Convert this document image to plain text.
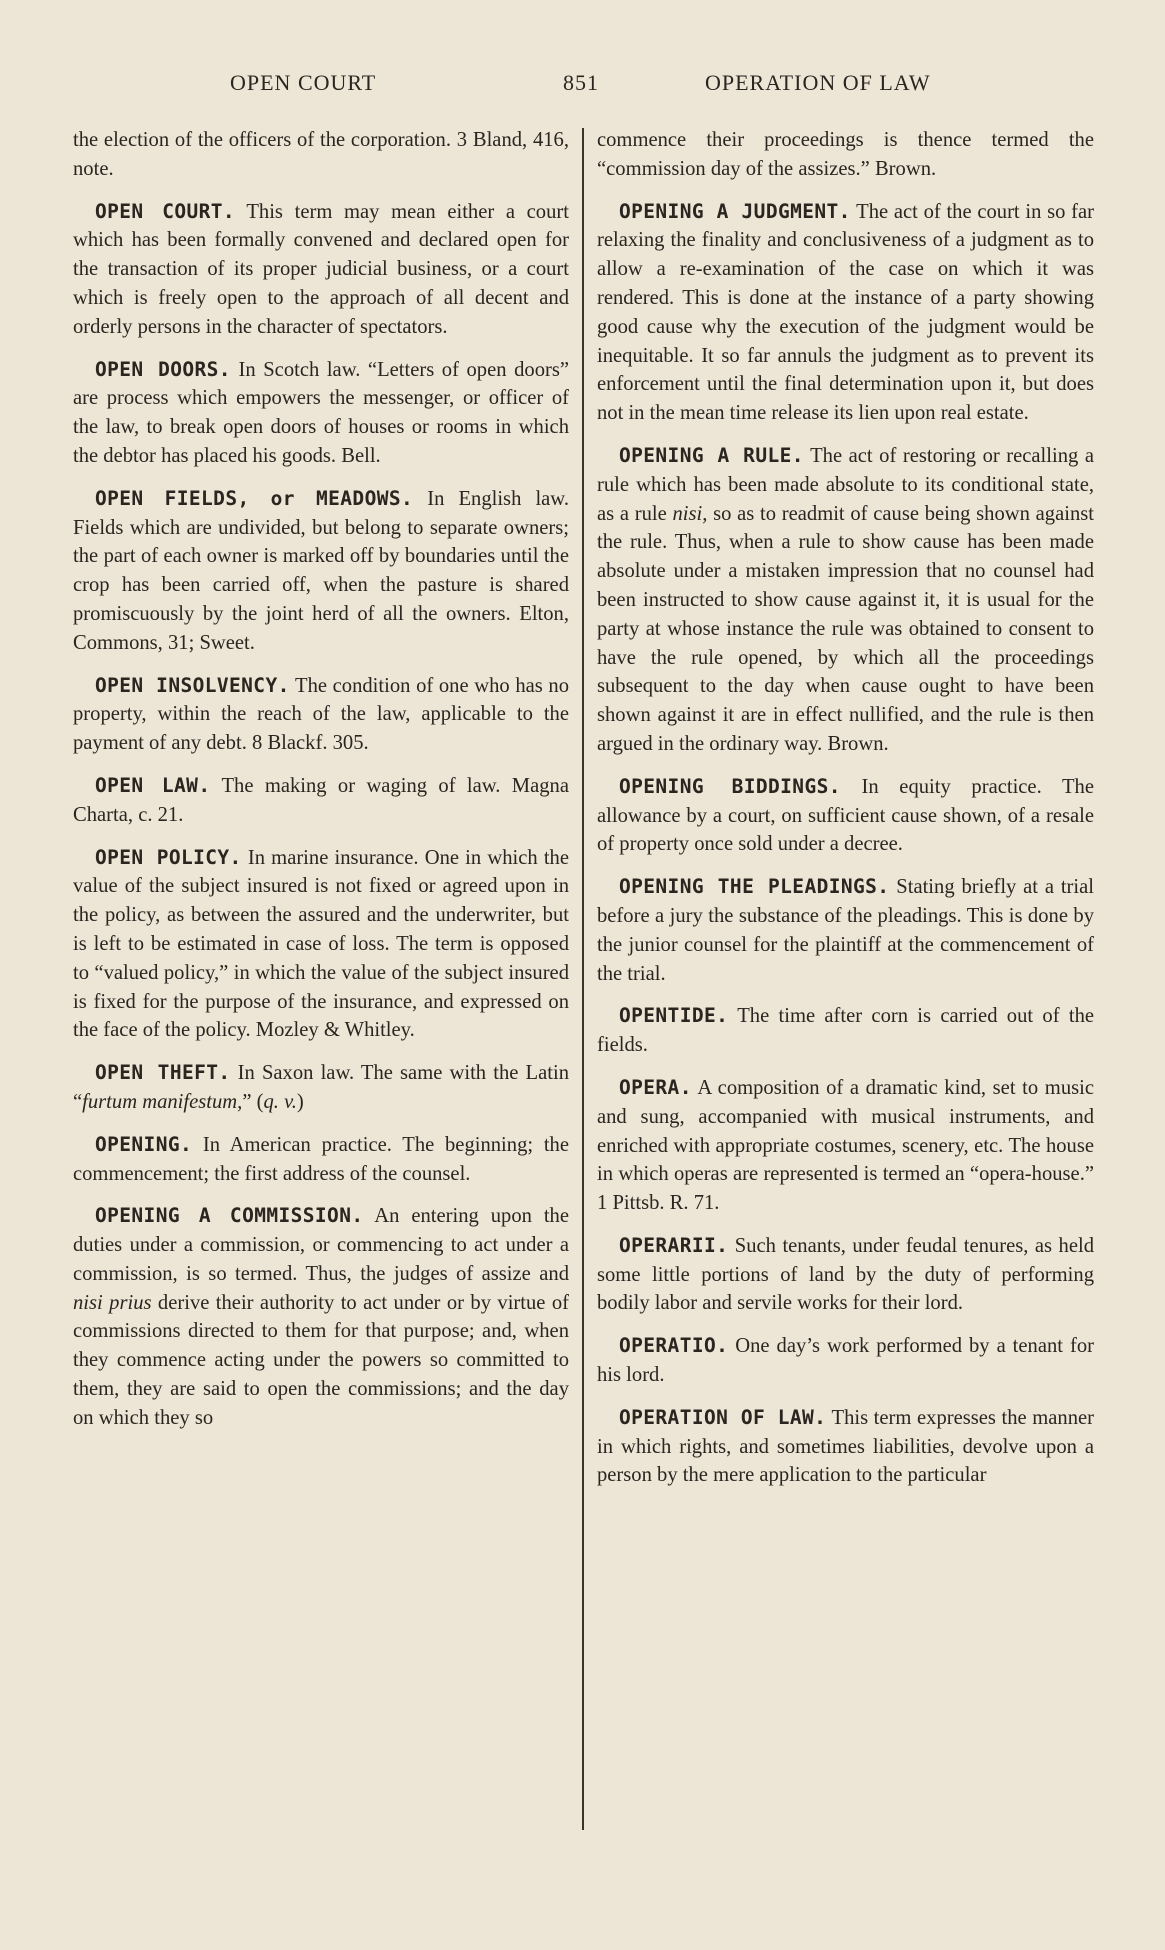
OPEN COURT	851	OPERATION OF LAW

the election of the officers of the corporation. 3 Bland, 416, note.

OPEN COURT. This term may mean either a court which has been formally convened and declared open for the transaction of its proper judicial business, or a court which is freely open to the approach of all decent and orderly persons in the character of spectators.

OPEN DOORS. In Scotch law. “Letters of open doors” are process which empowers the messenger, or officer of the law, to break open doors of houses or rooms in which the debtor has placed his goods. Bell.

OPEN FIELDS, or MEADOWS. In English law. Fields which are undivided, but belong to separate owners; the part of each owner is marked off by boundaries until the crop has been carried off, when the pasture is shared promiscuously by the joint herd of all the owners. Elton, Commons, 31; Sweet.

OPEN INSOLVENCY. The condition of one who has no property, within the reach of the law, applicable to the payment of any debt. 8 Blackf. 305.

OPEN LAW. The making or waging of law. Magna Charta, c. 21.

OPEN POLICY. In marine insurance. One in which the value of the subject insured is not fixed or agreed upon in the policy, as between the assured and the underwriter, but is left to be estimated in case of loss. The term is opposed to “valued policy,” in which the value of the subject insured is fixed for the purpose of the insurance, and expressed on the face of the policy. Mozley & Whitley.

OPEN THEFT. In Saxon law. The same with the Latin “furtum manifestum,” (q. v.)

OPENING. In American practice. The beginning; the commencement; the first address of the counsel.

OPENING A COMMISSION. An entering upon the duties under a commission, or commencing to act under a commission, is so termed. Thus, the judges of assize and nisi prius derive their authority to act under or by virtue of commissions directed to them for that purpose; and, when they commence acting under the powers so committed to them, they are said to open the commissions; and the day on which they so

commence their proceedings is thence termed the “commission day of the assizes.” Brown.

OPENING A JUDGMENT. The act of the court in so far relaxing the finality and conclusiveness of a judgment as to allow a re-examination of the case on which it was rendered. This is done at the instance of a party showing good cause why the execution of the judgment would be inequitable. It so far annuls the judgment as to prevent its enforcement until the final determination upon it, but does not in the mean time release its lien upon real estate.

OPENING A RULE. The act of restoring or recalling a rule which has been made absolute to its conditional state, as a rule nisi, so as to readmit of cause being shown against the rule. Thus, when a rule to show cause has been made absolute under a mistaken impression that no counsel had been instructed to show cause against it, it is usual for the party at whose instance the rule was obtained to consent to have the rule opened, by which all the proceedings subsequent to the day when cause ought to have been shown against it are in effect nullified, and the rule is then argued in the ordinary way. Brown.

OPENING BIDDINGS. In equity practice. The allowance by a court, on sufficient cause shown, of a resale of property once sold under a decree.

OPENING THE PLEADINGS. Stating briefly at a trial before a jury the substance of the pleadings. This is done by the junior counsel for the plaintiff at the commencement of the trial.

OPENTIDE. The time after corn is carried out of the fields.

OPERA. A composition of a dramatic kind, set to music and sung, accompanied with musical instruments, and enriched with appropriate costumes, scenery, etc. The house in which operas are represented is termed an “opera-house.” 1 Pittsb. R. 71.

OPERARII. Such tenants, under feudal tenures, as held some little portions of land by the duty of performing bodily labor and servile works for their lord.

OPERATIO. One day’s work performed by a tenant for his lord.

OPERATION OF LAW. This term expresses the manner in which rights, and sometimes liabilities, devolve upon a person by the mere application to the particular
